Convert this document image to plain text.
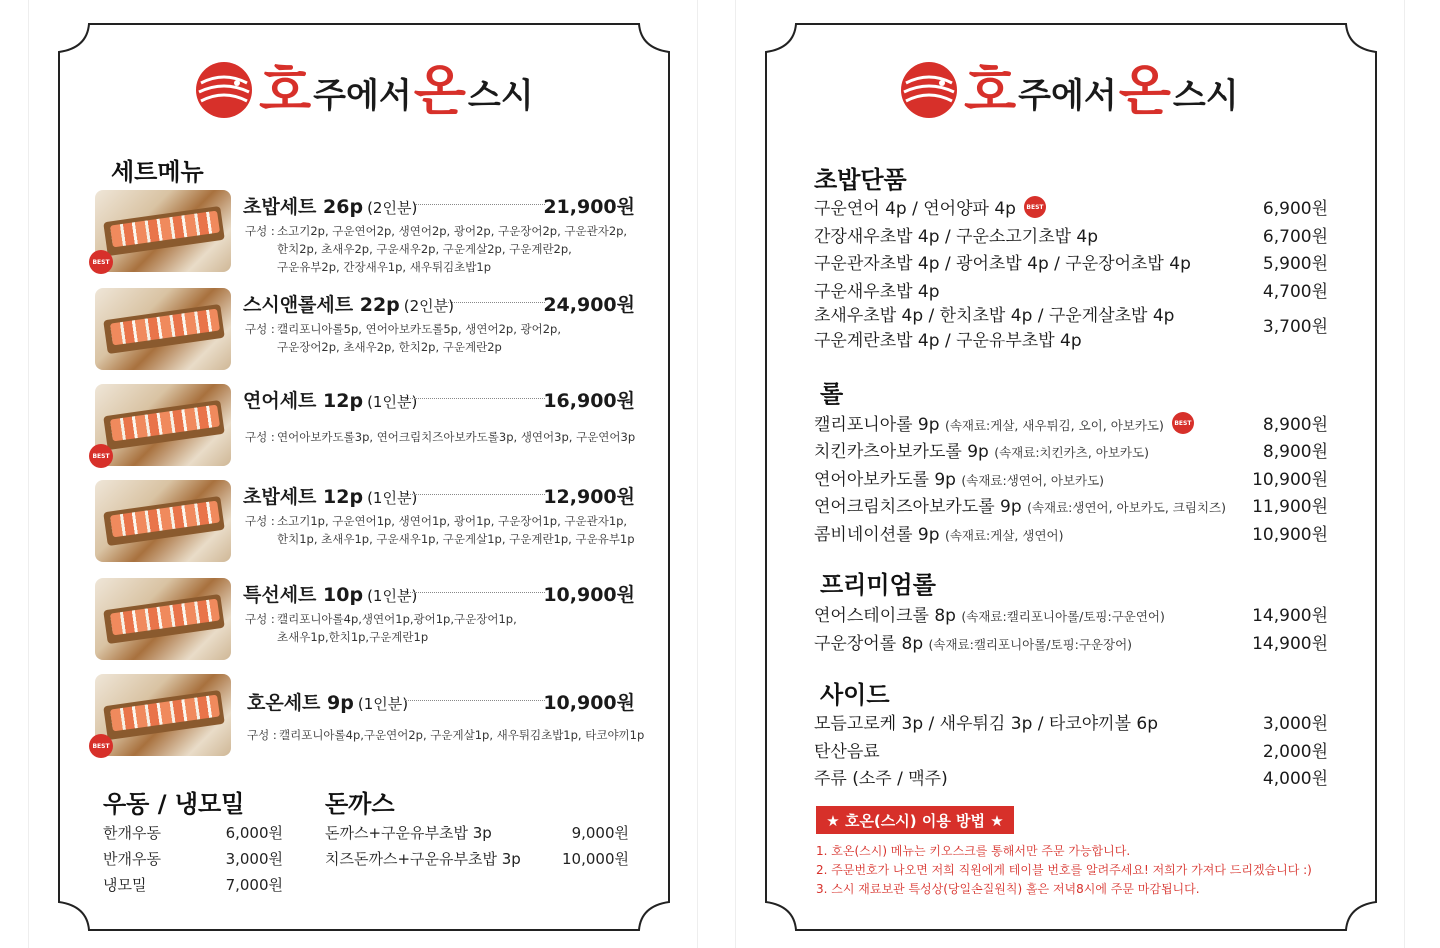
호 주에서 온 스시
세트메뉴
BEST
초밥세트 26p (2인분)	21,900원
구성 : 소고기2p, 구운연어2p, 생연어2p, 광어2p, 구운장어2p, 구운관자2p,
한치2p, 초새우2p, 구운새우2p, 구운게살2p, 구운계란2p,
구운유부2p, 간장새우1p, 새우튀김초밥1p
스시앤롤세트 22p (2인분)	24,900원
구성 : 캘리포니아롤5p, 연어아보카도롤5p, 생연어2p, 광어2p,
구운장어2p, 초새우2p, 한치2p, 구운계란2p
BEST
연어세트 12p (1인분)	16,900원
구성 : 연어아보카도롤3p, 연어크림치즈아보카도롤3p, 생연어3p, 구운연어3p
초밥세트 12p (1인분)	12,900원
구성 : 소고기1p, 구운연어1p, 생연어1p, 광어1p, 구운장어1p, 구운관자1p,
한치1p, 초새우1p, 구운새우1p, 구운게살1p, 구운계란1p, 구운유부1p
특선세트 10p (1인분)	10,900원
구성 : 캘리포니아롤4p,생연어1p,광어1p,구운장어1p,
초새우1p,한치1p,구운계란1p
BEST
호온세트 9p (1인분)	10,900원
구성 : 캘리포니아롤4p,구운연어2p, 구운게살1p, 새우튀김초밥1p, 타코야끼1p
우동 / 냉모밀
한개우동	6,000원
반개우동	3,000원
냉모밀	7,000원
돈까스
돈까스+구운유부초밥 3p	9,000원
치즈돈까스+구운유부초밥 3p	10,000원
호 주에서 온 스시
초밥단품
구운연어 4p / 연어양파 4p BEST	6,900원
간장새우초밥 4p / 구운소고기초밥 4p	6,700원
구운관자초밥 4p / 광어초밥 4p / 구운장어초밥 4p	5,900원
구운새우초밥 4p	4,700원
초새우초밥 4p / 한치초밥 4p / 구운게살초밥 4p
구운계란초밥 4p / 구운유부초밥 4p
3,700원
롤
캘리포니아롤 9p (속재료:게살, 새우튀김, 오이, 아보카도) BEST	8,900원
치킨카츠아보카도롤 9p (속재료:치킨카츠, 아보카도)	8,900원
연어아보카도롤 9p (속재료:생연어, 아보카도)	10,900원
연어크림치즈아보카도롤 9p (속재료:생연어, 아보카도, 크림치즈) 11,900원
콤비네이션롤 9p (속재료:게살, 생연어)	10,900원
프리미엄롤
연어스테이크롤 8p (속재료:캘리포니아롤/토핑:구운연어)	14,900원
구운장어롤 8p (속재료:캘리포니아롤/토핑:구운장어)	14,900원
사이드
모듬고로케 3p / 새우튀김 3p / 타코야끼볼 6p	3,000원
탄산음료	2,000원
주류 (소주 / 맥주)	4,000원
★ 호온(스시) 이용 방법 ★
1. 호온(스시) 메뉴는 키오스크를 통해서만 주문 가능합니다.
2. 주문번호가 나오면 저희 직원에게 테이블 번호를 알려주세요! 저희가 가져다 드리겠습니다 :)
3. 스시 재료보관 특성상(당일손질원칙) 홀은 저녁8시에 주문 마감됩니다.
